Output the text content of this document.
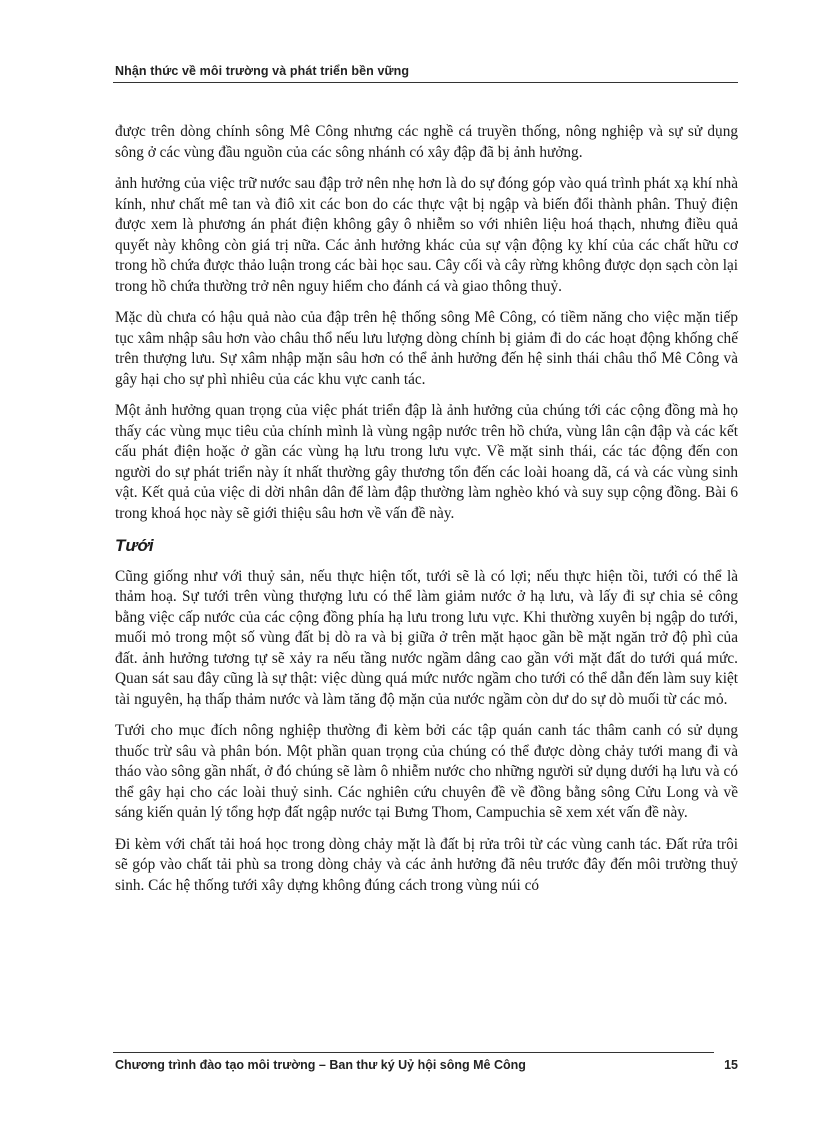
Nhận thức về môi trường và phát triển bền vững

được trên dòng chính sông Mê Công nhưng các nghề cá truyền thống, nông nghiệp và sự sử dụng sông ở các vùng đầu nguồn của các sông nhánh có xây đập đã bị ảnh hưởng.

ảnh hưởng của việc trữ nước sau đập trở nên nhẹ hơn là do sự đóng góp vào quá trình phát xạ khí nhà kính, như chất mê tan và điô xit các bon do các thực vật bị ngập và biến đổi thành phân. Thuỷ điện được xem là phương án phát điện không gây ô nhiễm so với nhiên liệu hoá thạch, nhưng điều quả quyết này không còn giá trị nữa. Các ảnh hưởng khác của sự vận động kỵ khí của các chất hữu cơ trong hồ chứa được thảo luận trong các bài học sau. Cây cối và cây rừng không được dọn sạch còn lại trong hồ chứa thường trở nên nguy hiểm cho đánh cá và giao thông thuỷ.

Mặc dù chưa có hậu quả nào của đập trên hệ thống sông Mê Công, có tiềm năng cho việc mặn tiếp tục xâm nhập sâu hơn vào châu thổ nếu lưu lượng dòng chính bị giảm đi do các hoạt động khống chế trên thượng lưu. Sự xâm nhập mặn sâu hơn có thể ảnh hưởng đến hệ sinh thái châu thổ Mê Công và gây hại cho sự phì nhiêu của các khu vực canh tác.

Một ảnh hưởng quan trọng của việc phát triển đập là ảnh hưởng của chúng tới các cộng đồng mà họ thấy các vùng mục tiêu của chính mình là vùng ngập nước trên hồ chứa, vùng lân cận đập và các kết cấu phát điện hoặc ở gần các vùng hạ lưu trong lưu vực. Về mặt sinh thái, các tác động đến con người do sự phát triển này ít nhất thường gây thương tổn đến các loài hoang dã, cá và các vùng sinh vật. Kết quả của việc di dời nhân dân để làm đập thường làm nghèo khó và suy sụp cộng đồng. Bài 6 trong khoá học này sẽ giới thiệu sâu hơn về vấn đề này.

Tưới

Cũng giống như với thuỷ sản, nếu thực hiện tốt, tưới sẽ là có lợi; nếu thực hiện tồi, tưới có thể là thảm hoạ. Sự tưới trên vùng thượng lưu có thể làm giảm nước ở hạ lưu, và lấy đi sự chia sẻ công bằng việc cấp nước của các cộng đồng phía hạ lưu trong lưu vực. Khi thường xuyên bị ngập do tưới, muối mỏ trong một số vùng đất bị dò ra và bị giữa ở trên mặt hạoc gần bề mặt ngăn trở độ phì của đất. ảnh hưởng tương tự sẽ xảy ra nếu tầng nước ngầm dâng cao gần với mặt đất do tưới quá mức. Quan sát sau đây cũng là sự thật: việc dùng quá mức nước ngầm cho tưới có thể dẫn đến làm suy kiệt tài nguyên, hạ thấp thảm nước và làm tăng độ mặn của nước ngầm còn dư do sự dò muối từ các mỏ.

Tưới cho mục đích nông nghiệp thường đi kèm bởi các tập quán canh tác thâm canh có sử dụng thuốc trừ sâu và phân bón. Một phần quan trọng của chúng có thể được dòng chảy tưới mang đi và tháo vào sông gần nhất, ở đó chúng sẽ làm ô nhiễm nước cho những người sử dụng dưới hạ lưu và có thể gây hại cho các loài thuỷ sinh. Các nghiên cứu chuyên đề về đồng bằng sông Cửu Long và về sáng kiến quản lý tổng hợp đất ngập nước tại Bưng Thom, Campuchia sẽ xem xét vấn đề này.

Đi kèm với chất tải hoá học trong dòng chảy mặt là đất bị rửa trôi từ các vùng canh tác. Đất rửa trôi sẽ góp vào chất tải phù sa trong dòng chảy và các ảnh hưởng đã nêu trước đây đến môi trường thuỷ sinh. Các hệ thống tưới xây dựng không đúng cách trong vùng núi có

Chương trình đào tạo môi trường – Ban thư ký Uỷ hội sông Mê Công	15
